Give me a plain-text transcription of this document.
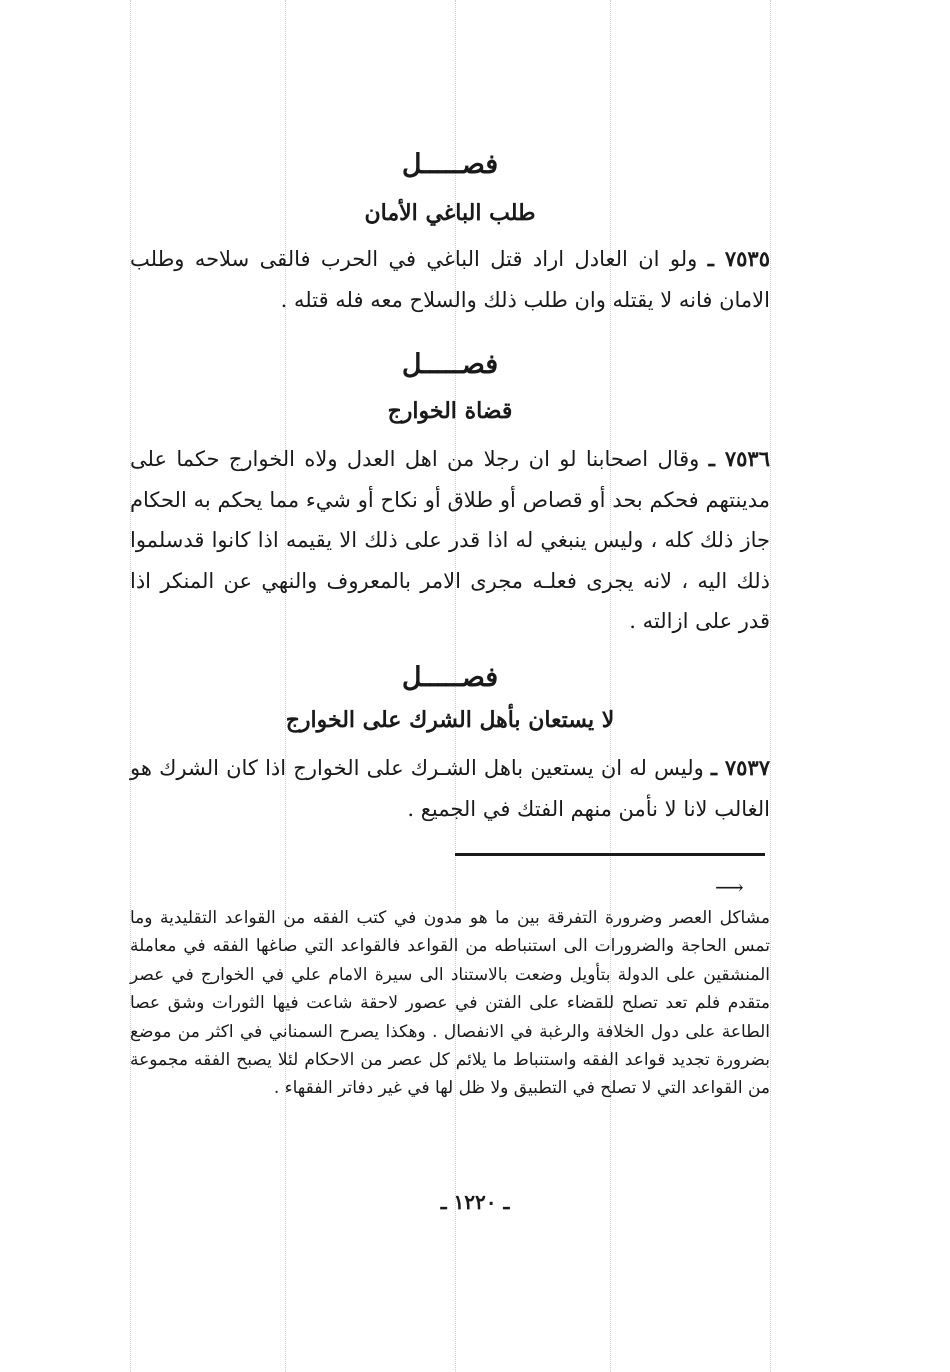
فصـــــل

طلب الباغي الأمان

٧٥٣٥ ـ ولو ان العادل اراد قتل الباغي في الحرب فالقى سلاحه وطلب الامان فانه لا يقتله وان طلب ذلك والسلاح معه فله قتله .

فصـــــل

قضاة الخوارج

٧٥٣٦ ـ وقال اصحابنا لو ان رجلا من اهل العدل ولاه الخوارج حكما على مدينتهم فحكم بحد أو قصاص أو طلاق أو نكاح أو شيء مما يحكم به الحكام جاز ذلك كله ، وليس ينبغي له اذا قدر على ذلك الا يقيمه اذا كانوا قدسلموا ذلك اليه ، لانه يجرى فعلـه مجرى الامر بالمعروف والنهي عن المنكر اذا قدر على ازالته .

فصـــــل

لا يستعان بأهل الشرك على الخوارج

٧٥٣٧ ـ وليس له ان يستعين باهل الشـرك على الخوارج اذا كان الشرك هو الغالب لانا لا نأمن منهم الفتك في الجميع .

⟶

مشاكل العصر وضرورة التفرقة بين ما هو مدون في كتب الفقه من القواعد التقليدية وما تمس الحاجة والضرورات الى استنباطه من القواعد فالقواعد التي صاغها الفقه في معاملة المنشقين على الدولة بتأويل وضعت بالاستناد الى سيرة الامام علي في الخوارج في عصر متقدم فلم تعد تصلح للقضاء على الفتن في عصور لاحقة شاعت فيها الثورات وشق عصا الطاعة على دول الخلافة والرغبة في الانفصال . وهكذا يصرح السمناني في اكثر من موضع بضرورة تجديد قواعد الفقه واستنباط ما يلائم كل عصر من الاحكام لئلا يصبح الفقه مجموعة من القواعد التي لا تصلح في التطبيق ولا ظل لها في غير دفاتر الفقهاء .

ـ ١٢٢٠ ـ
